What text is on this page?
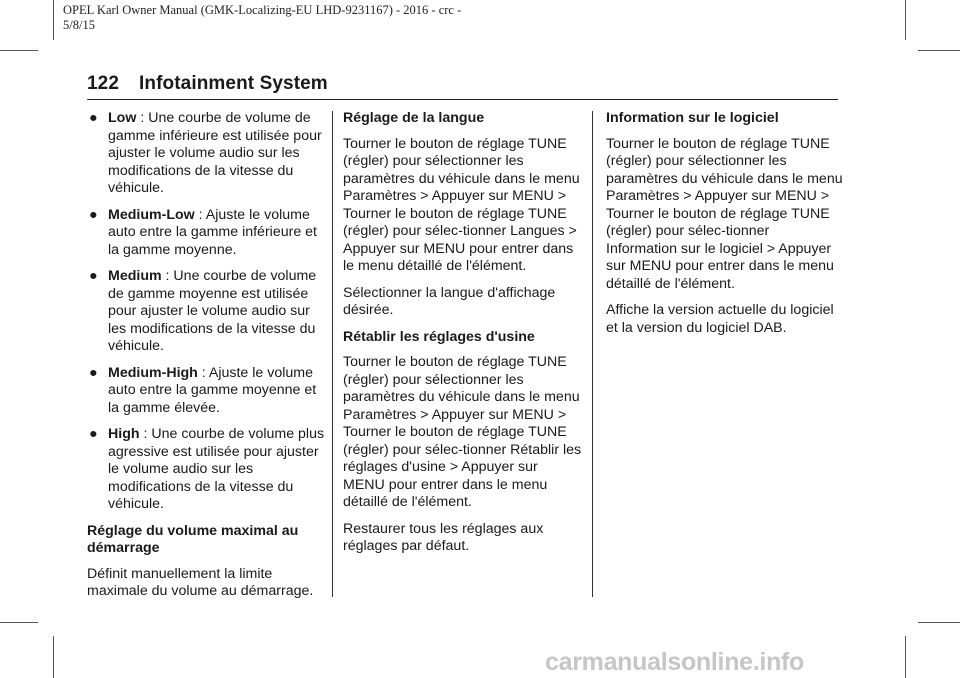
OPEL Karl Owner Manual (GMK-Localizing-EU LHD-9231167) - 2016 - crc -
5/8/15
122 Infotainment System
● Low : Une courbe de volume de gamme inférieure est utilisée pour ajuster le volume audio sur les modifications de la vitesse du véhicule.
● Medium-Low : Ajuste le volume auto entre la gamme inférieure et la gamme moyenne.
● Medium : Une courbe de volume de gamme moyenne est utilisée pour ajuster le volume audio sur les modifications de la vitesse du véhicule.
● Medium-High : Ajuste le volume auto entre la gamme moyenne et la gamme élevée.
● High : Une courbe de volume plus agressive est utilisée pour ajuster le volume audio sur les modifications de la vitesse du véhicule.
Réglage du volume maximal au démarrage

Définit manuellement la limite maximale du volume au démarrage.

Réglage de la langue

Tourner le bouton de réglage TUNE (régler) pour sélectionner les paramètres du véhicule dans le menu Paramètres > Appuyer sur MENU > Tourner le bouton de réglage TUNE (régler) pour sélec-tionner Langues > Appuyer sur MENU pour entrer dans le menu détaillé de l'élément.

Sélectionner la langue d'affichage désirée.

Rétablir les réglages d'usine

Tourner le bouton de réglage TUNE (régler) pour sélectionner les paramètres du véhicule dans le menu Paramètres > Appuyer sur MENU > Tourner le bouton de réglage TUNE (régler) pour sélec-tionner Rétablir les réglages d'usine > Appuyer sur MENU pour entrer dans le menu détaillé de l'élément.

Restaurer tous les réglages aux réglages par défaut.

Information sur le logiciel

Tourner le bouton de réglage TUNE (régler) pour sélectionner les paramètres du véhicule dans le menu Paramètres > Appuyer sur MENU > Tourner le bouton de réglage TUNE (régler) pour sélec-tionner Information sur le logiciel > Appuyer sur MENU pour entrer dans le menu détaillé de l'élément.

Affiche la version actuelle du logiciel et la version du logiciel DAB.

carmanualsonline.info
